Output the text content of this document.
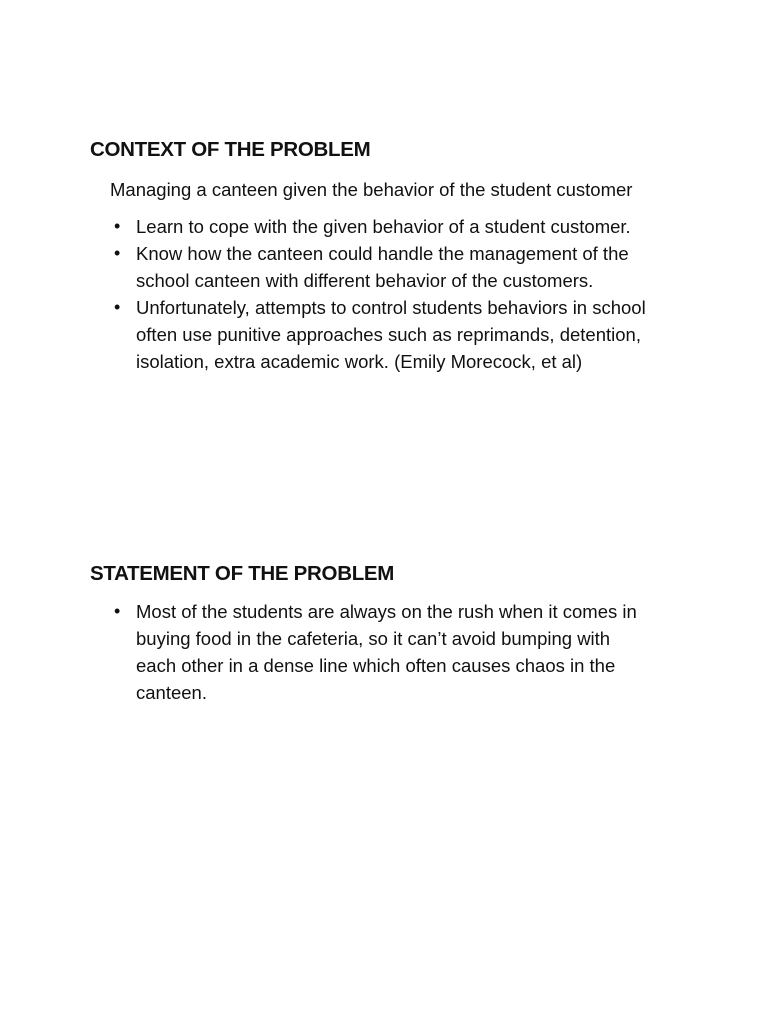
CONTEXT OF THE PROBLEM

Managing a canteen given the behavior of the student customer

• Learn to cope with the given behavior of a student customer.
• Know how the canteen could handle the management of the school canteen with different behavior of the customers.
• Unfortunately, attempts to control students behaviors in school often use punitive approaches such as reprimands, detention, isolation, extra academic work. (Emily Morecock, et al)
STATEMENT OF THE PROBLEM
• Most of the students are always on the rush when it comes in buying food in the cafeteria, so it can’t avoid bumping with each other in a dense line which often causes chaos in the canteen.
